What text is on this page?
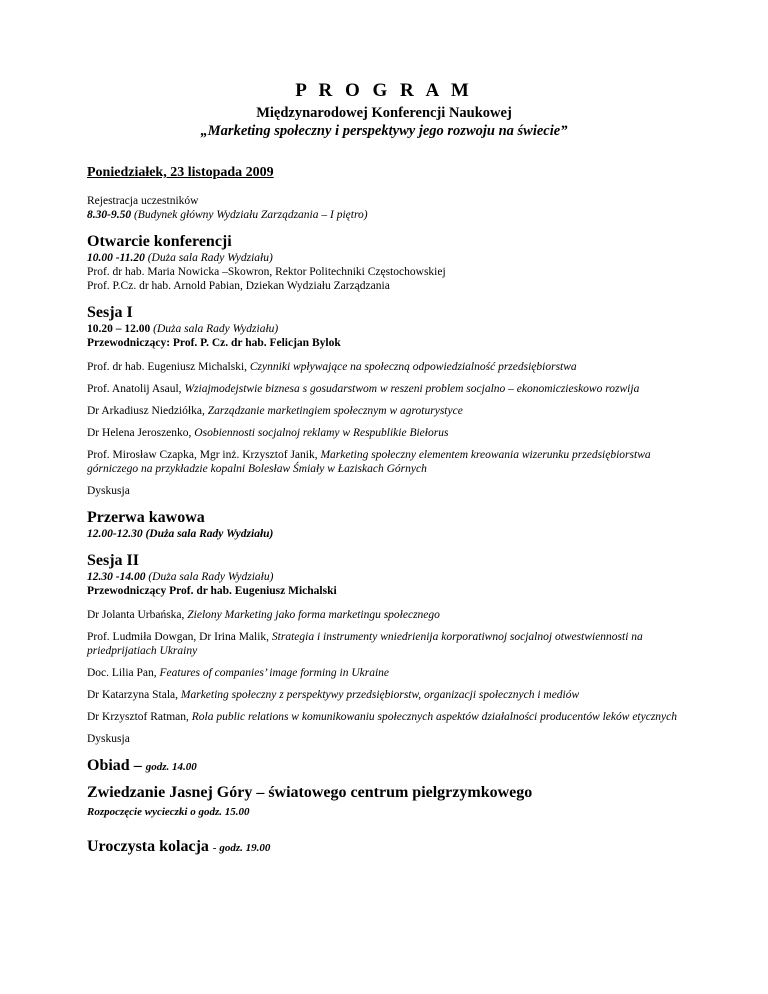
P R O G R A M
Międzynarodowej Konferencji Naukowej
„Marketing społeczny i perspektywy jego rozwoju na świecie”
Poniedziałek, 23 listopada 2009
Rejestracja uczestników
8.30-9.50 (Budynek główny Wydziału Zarządzania – I piętro)
Otwarcie konferencji
10.00 -11.20 (Duża sala Rady Wydziału)
Prof. dr hab. Maria Nowicka –Skowron, Rektor Politechniki Częstochowskiej
Prof. P.Cz. dr hab. Arnold Pabian, Dziekan Wydziału Zarządzania
Sesja I
10.20 – 12.00 (Duża sala Rady Wydziału)
Przewodniczący: Prof. P. Cz. dr hab. Felicjan Bylok
Prof. dr hab. Eugeniusz Michalski, Czynniki wpływające na społeczną odpowiedzialność przedsiębiorstwa
Prof. Anatolij Asaul, Wziajmodejstwie biznesa s gosudarstwom w reszeni problem socjalno – ekonomiczieskowo rozwija
Dr Arkadiusz Niedziółka, Zarządzanie marketingiem społecznym w agroturystyce
Dr Helena Jeroszenko, Osobiennosti socjalnoj reklamy w Respublikie Biełorus
Prof. Mirosław Czapka, Mgr inż. Krzysztof Janik, Marketing społeczny elementem kreowania wizerunku przedsiębiorstwa górniczego na przykładzie kopalni Bolesław Śmiały w Łaziskach Górnych
Dyskusja
Przerwa kawowa
12.00-12.30 (Duża sala Rady Wydziału)
Sesja II
12.30 -14.00 (Duża sala Rady Wydziału)
Przewodniczący Prof. dr hab. Eugeniusz Michalski
Dr Jolanta Urbańska, Zielony Marketing jako forma marketingu społecznego
Prof. Ludmiła Dowgan, Dr Irina Malik, Strategia i instrumenty wniedrienija korporatiwnoj socjalnoj otwestwiennosti na priedprijatiach Ukrainy
Doc. Lilia Pan, Features of companies’ image forming in Ukraine
Dr Katarzyna Stala, Marketing społeczny z perspektywy przedsiębiorstw, organizacji społecznych i mediów
Dr Krzysztof Ratman, Rola public relations w komunikowaniu społecznych aspektów działalności producentów leków etycznych
Dyskusja
Obiad – godz. 14.00
Zwiedzanie Jasnej Góry – światowego centrum pielgrzymkowego
Rozpoczęcie wycieczki o godz. 15.00
Uroczysta kolacja - godz. 19.00
